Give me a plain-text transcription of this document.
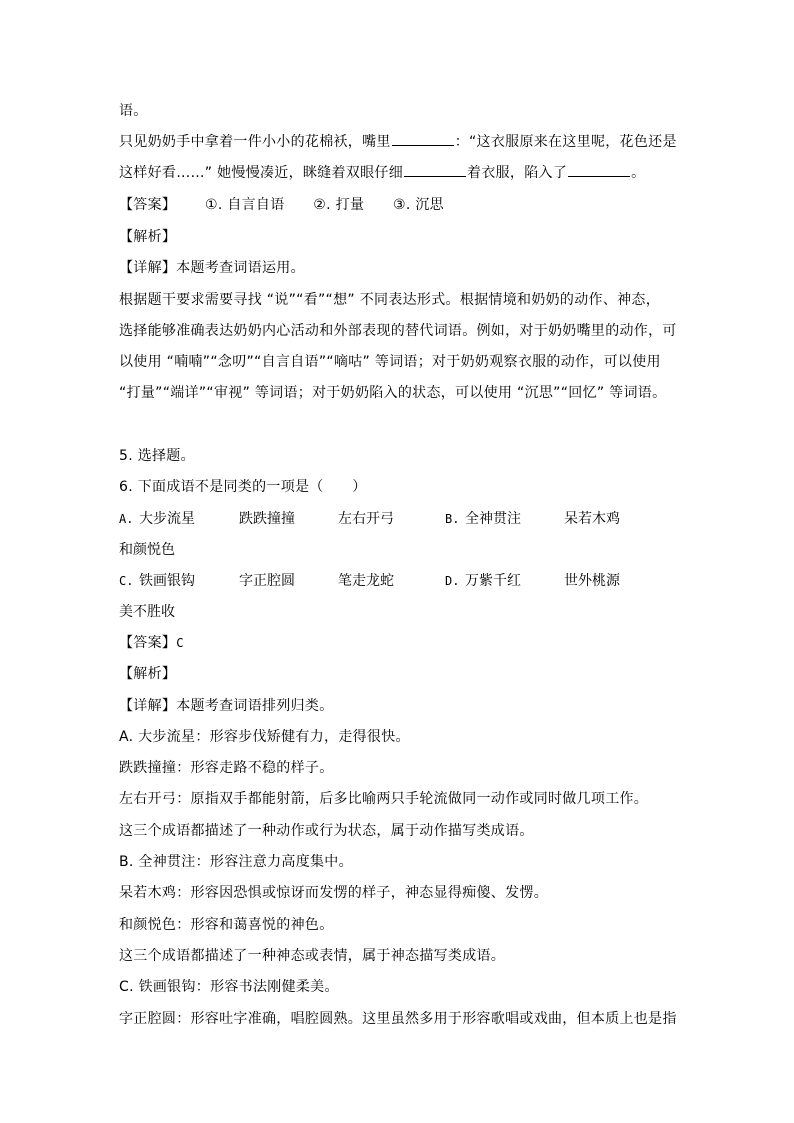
语。
只见奶奶手中拿着一件小小的花棉袄，嘴里	：“这衣服原来在这里呢，花色还是
这样好看……” 她慢慢凑近，眯缝着双眼仔细	着衣服，陷入了	。
【答案】 ①. 自言自语 ②. 打量 ③. 沉思
【解析】
【详解】本题考查词语运用。
根据题干要求需要寻找 “说”“看”“想” 不同表达形式。根据情境和奶奶的动作、神态，
选择能够准确表达奶奶内心活动和外部表现的替代词语。例如，对于奶奶嘴里的动作，可
以使用 “喃喃”“念叨”“自言自语”“嘀咕” 等词语；对于奶奶观察衣服的动作，可以使用
“打量”“端详”“审视” 等词语；对于奶奶陷入的状态，可以使用 “沉思”“回忆” 等词语。
5. 选择题。
6. 下面成语不是同类的一项是（　　）
A. 大步流星	跌跌撞撞	左右开弓	B. 全神贯注	呆若木鸡
和颜悦色
C. 铁画银钩	字正腔圆	笔走龙蛇	D. 万紫千红	世外桃源
美不胜收
【答案】C
【解析】
【详解】本题考查词语排列归类。
A. 大步流星：形容步伐矫健有力，走得很快。
跌跌撞撞：形容走路不稳的样子。
左右开弓：原指双手都能射箭，后多比喻两只手轮流做同一动作或同时做几项工作。
这三个成语都描述了一种动作或行为状态，属于动作描写类成语。
B. 全神贯注：形容注意力高度集中。
呆若木鸡：形容因恐惧或惊讶而发愣的样子，神态显得痴傻、发愣。
和颜悦色：形容和蔼喜悦的神色。
这三个成语都描述了一种神态或表情，属于神态描写类成语。
C. 铁画银钩：形容书法刚健柔美。
字正腔圆：形容吐字准确，唱腔圆熟。这里虽然多用于形容歌唱或戏曲，但本质上也是指
